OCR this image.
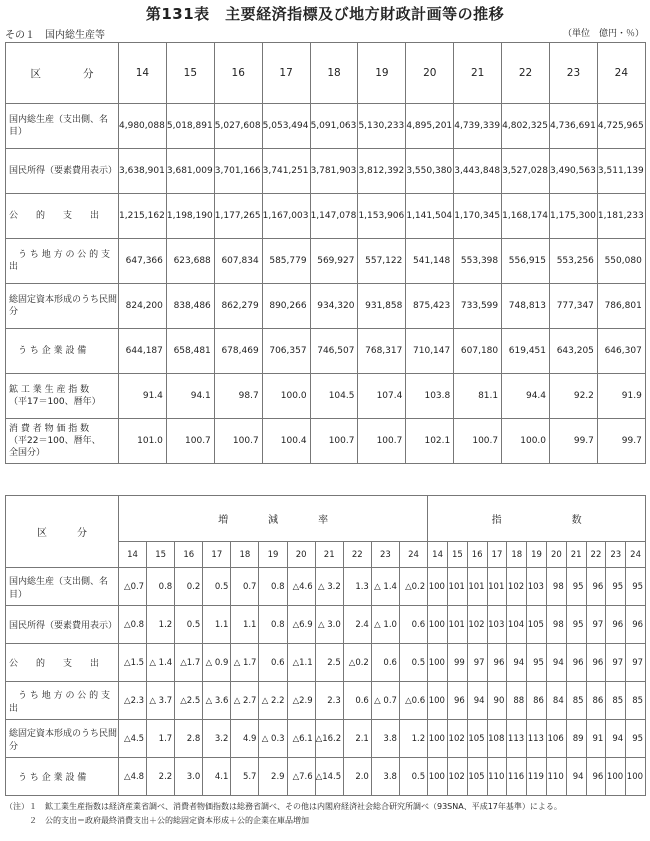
第131表　主要経済指標及び地方財政計画等の推移
その１　国内総生産等	（単位　億円・％）
区　　　　分	14	15	16	17	18	19	20	21	22	23	24
国内総生産（支出側、名目）	4,980,088	5,018,891	5,027,608	5,053,494	5,091,063	5,130,233	4,895,201	4,739,339	4,802,325	4,736,691	4,725,965
国民所得（要素費用表示）	3,638,901	3,681,009	3,701,166	3,741,251	3,781,903	3,812,392	3,550,380	3,443,848	3,527,028	3,490,563	3,511,139
公　　的　　支　　出	1,215,162	1,198,190	1,177,265	1,167,003	1,147,078	1,153,906	1,141,504	1,170,345	1,168,174	1,175,300	1,181,233
　う ち 地 方 の 公 的 支 出	647,366	623,688	607,834	585,779	569,927	557,122	541,148	553,398	556,915	553,256	550,080
総固定資本形成のうち民間分	824,200	838,486	862,279	890,266	934,320	931,858	875,423	733,599	748,813	777,347	786,801
　う ち 企 業 設 備	644,187	658,481	678,469	706,357	746,507	768,317	710,147	607,180	619,451	643,205	646,307
鉱 工 業 生 産 指 数
（平17＝100、暦年）	91.4	94.1	98.7	100.0	104.5	107.4	103.8	81.1	94.4	92.2	91.9
消 費 者 物 価 指 数
（平22＝100、暦年、
全国分）	101.0	100.7	100.7	100.4	100.7	100.7	102.1	100.7	100.0	99.7	99.7
区　　　分	増　　　　減　　　　率											指　　　　　　　数										
	14	15	16	17	18	19	20	21	22	23	24	14	15	16	17	18	19	20	21	22	23	24
国内総生産（支出側、名目）	△0.7	0.8	0.2	0.5	0.7	0.8	△4.6	△ 3.2	1.3	△ 1.4	△0.2	100	101	101	101	102	103	98	95	96	95	95
国民所得（要素費用表示）	△0.8	1.2	0.5	1.1	1.1	0.8	△6.9	△ 3.0	2.4	△ 1.0	0.6	100	101	102	103	104	105	98	95	97	96	96
公　　的　　支　　出	△1.5	△ 1.4	△1.7	△ 0.9	△ 1.7	0.6	△1.1	2.5	△0.2	0.6	0.5	100	99	97	96	94	95	94	96	96	97	97
　う ち 地 方 の 公 的 支 出	△2.3	△ 3.7	△2.5	△ 3.6	△ 2.7	△ 2.2	△2.9	2.3	0.6	△ 0.7	△0.6	100	96	94	90	88	86	84	85	86	85	85
総固定資本形成のうち民間分	△4.5	1.7	2.8	3.2	4.9	△ 0.3	△6.1	△16.2	2.1	3.8	1.2	100	102	105	108	113	113	106	89	91	94	95
　う ち 企 業 設 備	△4.8	2.2	3.0	4.1	5.7	2.9	△7.6	△14.5	2.0	3.8	0.5	100	102	105	110	116	119	110	94	96	100	100
（注）１　鉱工業生産指数は経済産業省調べ、消費者物価指数は総務省調べ、その他は内閣府経済社会総合研究所調べ（93SNA、平成17年基準）による。
　　　２　公的支出＝政府最終消費支出＋公的総固定資本形成＋公的企業在庫品増加
